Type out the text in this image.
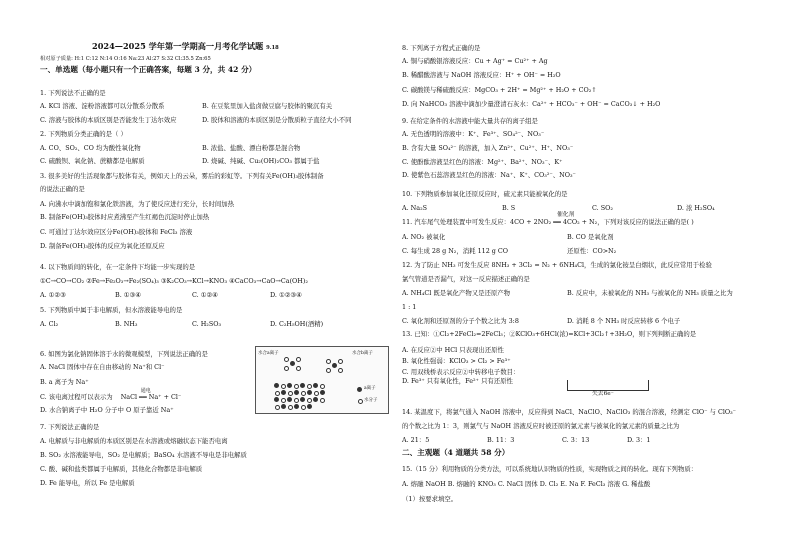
2024—2025 学年第一学期高一月考化学试题 9.18
相对原子质量: H:1 C:12 N:14 O:16 Na:23 Al:27 S:32 Cl:35.5 Zn:65
一、单选题（每小题只有一个正确答案，每题 3 分，共 42 分）
1. 下列说法不正确的是
A. KCl 溶液、淀粉溶液都可以分散系分散系	B. 在豆浆里加入盐卤做豆腐与胶体的聚沉有关
C. 溶液与胶体的本质区别是否能发生丁达尔效应	D. 胶体和溶液的本质区别是分散质粒子直径大小不同
2. 下列物质分类正确的是（ ）
A. CO、SO₂、CO 均为酸性氧化物	B. 浓盐、盐酸、漂白粉都是混合物
C. 硫酸钡、氧化钠、蔗糖都是电解质	D. 烧碱、纯碱、Cu₂(OH)₂CO₃ 都属于盐
3. 很多美好的生活现象都与胶体有关，例如天上的云朵，雾后的彩虹等。下列有关Fe(OH)₃胶体制备
的说法正确的是
A. 向沸水中滴加饱和氯化铁溶液，为了使反应进行充分，长时间加热
B. 制备Fe(OH)₃胶体时应煮沸至产生红褐色沉淀时停止加热
C. 可通过丁达尔效应区分Fe(OH)₃胶体和 FeCl₃ 溶液
D. 制备Fe(OH)₃胶体的反应为氧化还原反应
4. 以下物质间的转化，在一定条件下均能一步实现的是
①C→CO→CO₂ ②Fe→Fe₂O₃→Fe₂(SO₄)₃ ③K₂CO₃→KCl→KNO₃ ④CaCO₃→CaO→Ca(OH)₂
A. ①②③	B. ①③④	C. ①②④	D. ①②③④
5. 下列物质中属于非电解质，但水溶液能导电的是
A. Cl₂	B. NH₃	C. H₂SO₃	D. C₂H₅OH(酒精)
6. 如图为氯化钠固体溶于水的微观模型，下列说法正确的是
A. NaCl 固体中存在自由移动的 Na⁺和 Cl⁻
B. a 离子为 Na⁺
C. 该电离过程可以表示为
通电
NaCl ══ Na⁺ + Cl⁻
D. 水合钠离子中 H₂O 分子中 O 原子靠近 Na⁺
7. 下列说法正确的是
A. 电解质与非电解质的本质区别是在水溶液或熔融状态下能否电离
B. SO₂ 水溶液能导电，SO₂ 是电解质；BaSO₄ 水溶液不导电是非电解质
C. 酸、碱和盐类都属于电解质，其他化合物都是非电解质
D. Fe 能导电，所以 Fe 是电解质
水合a离子	水合b离子
a离子
水分子
8. 下列离子方程式正确的是
A. 铜与硝酸银溶液反应：Cu + Ag⁺ = Cu²⁺ + Ag
B. 稀醋酸溶液与 NaOH 溶液反应：H⁺ + OH⁻ = H₂O
C. 碳酸镁与稀硫酸反应：MgCO₃ + 2H⁺ = Mg²⁺ + H₂O + CO₂↑
D. 向 NaHCO₃ 溶液中滴加少量澄清石灰水：Ca²⁺ + HCO₃⁻ + OH⁻ = CaCO₃↓ + H₂O
9. 在给定条件的水溶液中能大量共存的离子组是
A. 无色透明的溶液中：K⁺、Fe³⁺、SO₄²⁻、NO₃⁻
B. 含有大量 SO₄²⁻ 的溶液，加入 Zn²⁺、Cu²⁺、H⁺、NO₃⁻
C. 使酚酞溶液呈红色的溶液：Mg²⁺、Ba²⁺、NO₃⁻、K⁺
D. 使紫色石蕊溶液呈红色的溶液：Na⁺、K⁺、CO₃²⁻、NO₃⁻
10. 下列物质参加氧化还原反应时，硫元素只能被氧化的是
A. Na₂S	B. S	C. SO₂	D. 浓 H₂SO₄
催化剂
11. 汽车尾气处理装置中可发生反应：4CO + 2NO₂ ══ 4CO₂ + N₂，下列对该反应的说法正确的是( )
A. NO₂ 被氧化	B. CO 是氧化剂
C. 每生成 28 g N₂，消耗 112 g CO	还原性：CO>N₂
12. 为了防止 NH₃ 可发生反应 8NH₃ + 3Cl₂ = N₂ + 6NH₄Cl，生成的氯化铵呈白烟状，此反应常用于检验
氯气管道是否漏气，对这一反应描述正确的是
A. NH₄Cl 既是氧化产物又是还原产物	B. 反应中，未被氧化的 NH₃ 与被氧化的 NH₃ 质量之比为
1 : 1
C. 氧化剂和还原剂的分子个数之比为 3:8	D. 消耗 8 个 NH₃ 时反应转移 6 个电子
13. 已知：①Cl₂+2FeCl₂=2FeCl₃；②KClO₃+6HCl(浓)=KCl+3Cl₂↑+3H₂O，则下列判断正确的是
A. 在反应②中 HCl 只表现出还原性
B. 氧化性强弱：KClO₃ > Cl₂ > Fe³⁺
C. 用双线桥表示反应②中转移电子数目：
D. Fe³⁺ 只有氧化性，Fe²⁺ 只有还原性
失去6e⁻
14. 某温度下，将氯气通入 NaOH 溶液中，反应得到 NaCl、NaClO、NaClO₃ 的混合溶液，经测定 ClO⁻ 与 ClO₃⁻
的个数之比为 1：3，则氯气与 NaOH 溶液反应时被还原的氯元素与被氧化的氯元素的质量之比为
A. 21：5	B. 11：3	C. 3：13	D. 3：1
二、主观题（4 道题共 58 分）
15.（15 分）利用物质的分类方法，可以系统地认识物质的性质，实现物质之间的转化。现有下列物质：
A. 熔融 NaOH B. 熔融的 KNO₃ C. NaCl 固体 D. Cl₂ E. Na F. FeCl₃ 溶液 G. 稀盐酸
（1）按要求填空。
